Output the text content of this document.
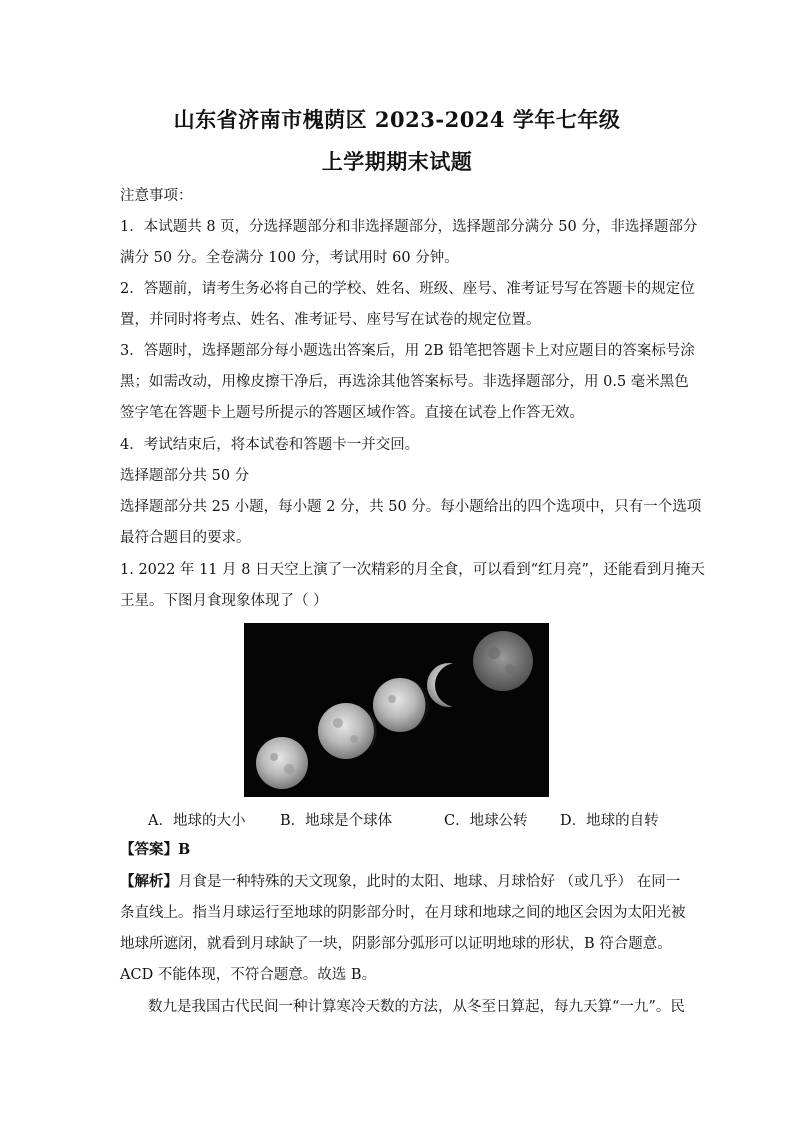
山东省济南市槐荫区 2023-2024 学年七年级
上学期期末试题
注意事项：
1．本试题共 8 页，分选择题部分和非选择题部分，选择题部分满分 50 分，非选择题部分
满分 50 分。全卷满分 100 分，考试用时 60 分钟。
2．答题前，请考生务必将自己的学校、姓名、班级、座号、准考证号写在答题卡的规定位
置，并同时将考点、姓名、准考证号、座号写在试卷的规定位置。
3．答题时，选择题部分每小题选出答案后，用 2B 铅笔把答题卡上对应题目的答案标号涂
黑；如需改动，用橡皮擦干净后，再选涂其他答案标号。非选择题部分，用 0.5 毫米黑色
签字笔在答题卡上题号所提示的答题区域作答。直接在试卷上作答无效。
4．考试结束后，将本试卷和答题卡一并交回。
选择题部分共 50 分
选择题部分共 25 小题，每小题 2 分，共 50 分。每小题给出的四个选项中，只有一个选项
最符合题目的要求。
1. 2022 年 11 月 8 日天空上演了一次精彩的月全食，可以看到“红月亮”，还能看到月掩天
王星。下图月食现象体现了（ ）
A．地球的大小 B．地球是个球体	C．地球公转 D．地球的自转
【答案】B
【解析】月食是一种特殊的天文现象，此时的太阳、地球、月球恰好 （或几乎） 在同一
条直线上。指当月球运行至地球的阴影部分时，在月球和地球之间的地区会因为太阳光被
地球所遮闭，就看到月球缺了一块，阴影部分弧形可以证明地球的形状，B 符合题意。
ACD 不能体现，不符合题意。故选 B。
数九是我国古代民间一种计算寒冷天数的方法，从冬至日算起，每九天算“一九”。民
